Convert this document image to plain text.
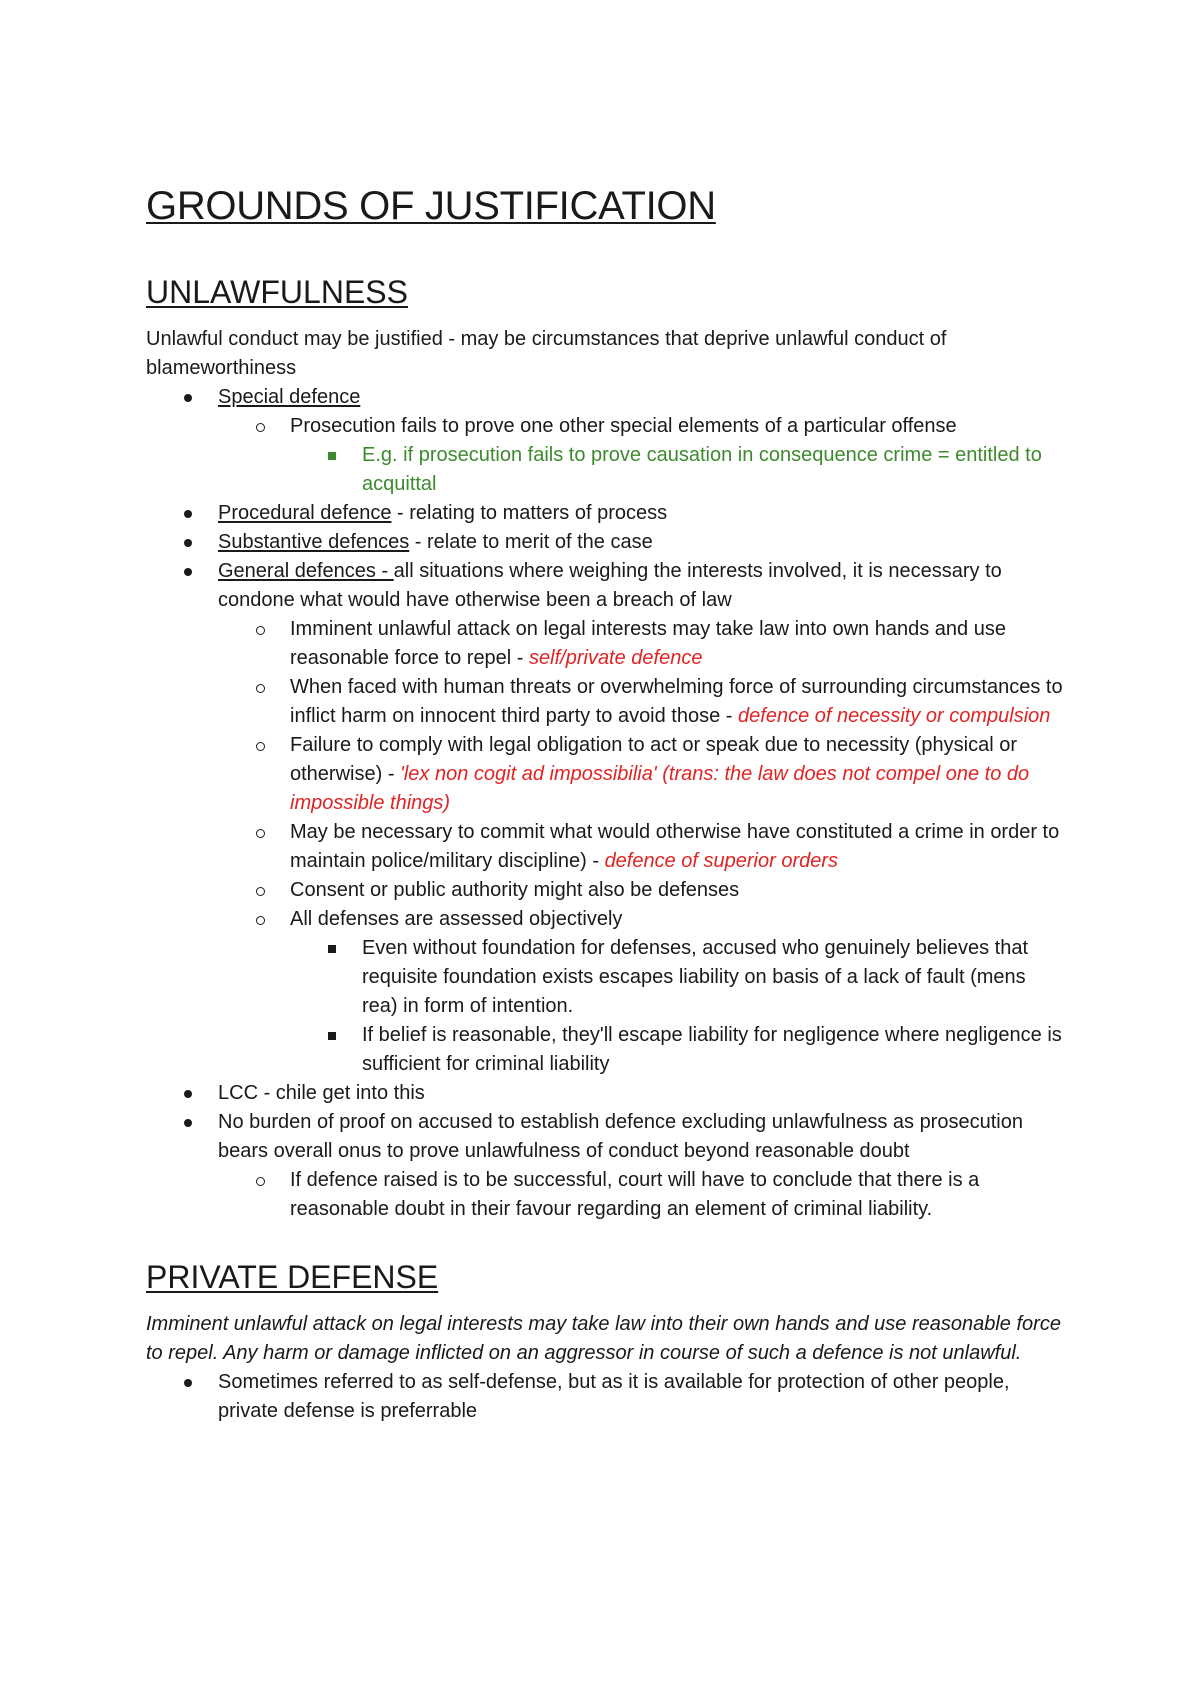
GROUNDS OF JUSTIFICATION
UNLAWFULNESS

Unlawful conduct may be justified - may be circumstances that deprive unlawful conduct of blameworthiness

Special defence
Prosecution fails to prove one other special elements of a particular offense
E.g. if prosecution fails to prove causation in consequence crime = entitled to acquittal
Procedural defence - relating to matters of process
Substantive defences - relate to merit of the case
General defences - all situations where weighing the interests involved, it is necessary to condone what would have otherwise been a breach of law
Imminent unlawful attack on legal interests may take law into own hands and use reasonable force to repel - self/private defence
When faced with human threats or overwhelming force of surrounding circumstances to inflict harm on innocent third party to avoid those - defence of necessity or compulsion
Failure to comply with legal obligation to act or speak due to necessity (physical or otherwise) - 'lex non cogit ad impossibilia' (trans: the law does not compel one to do impossible things)
May be necessary to commit what would otherwise have constituted a crime in order to maintain police/military discipline) - defence of superior orders
Consent or public authority might also be defenses
All defenses are assessed objectively
Even without foundation for defenses, accused who genuinely believes that requisite foundation exists escapes liability on basis of a lack of fault (mens rea) in form of intention.
If belief is reasonable, they'll escape liability for negligence where negligence is sufficient for criminal liability
LCC - chile get into this
No burden of proof on accused to establish defence excluding unlawfulness as prosecution bears overall onus to prove unlawfulness of conduct beyond reasonable doubt
If defence raised is to be successful, court will have to conclude that there is a reasonable doubt in their favour regarding an element of criminal liability.
PRIVATE DEFENSE

Imminent unlawful attack on legal interests may take law into their own hands and use reasonable force to repel. Any harm or damage inflicted on an aggressor in course of such a defence is not unlawful.

Sometimes referred to as self-defense, but as it is available for protection of other people, private defense is preferrable
